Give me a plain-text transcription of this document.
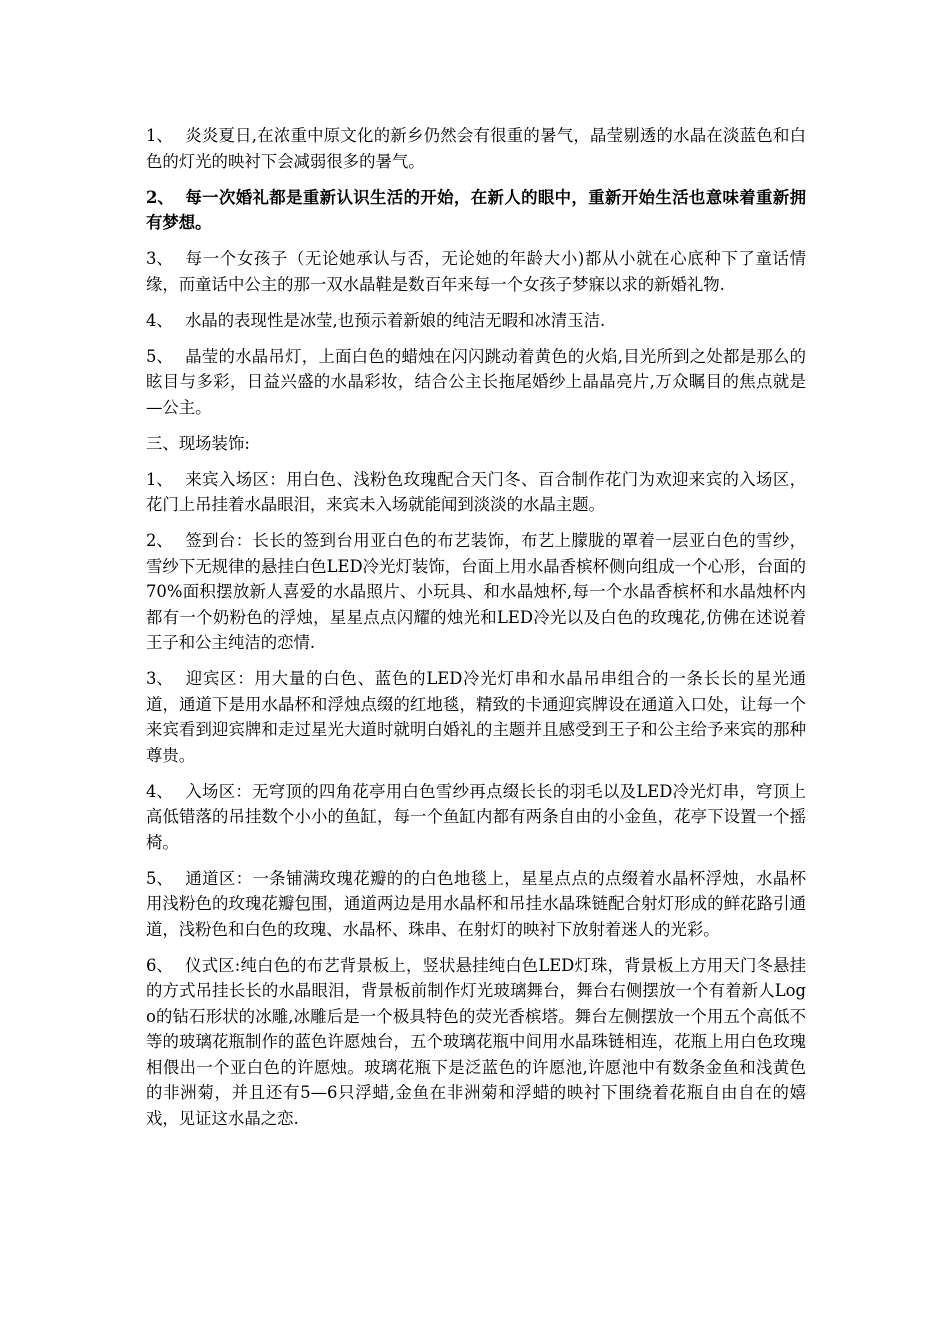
1、 炎炎夏日,在浓重中原文化的新乡仍然会有很重的暑气，晶莹剔透的水晶在淡蓝色和白色的灯光的映衬下会减弱很多的暑气。

2、 每一次婚礼都是重新认识生活的开始，在新人的眼中，重新开始生活也意味着重新拥有梦想。

3、 每一个女孩子（无论她承认与否，无论她的年龄大小)都从小就在心底种下了童话情缘，而童话中公主的那一双水晶鞋是数百年来每一个女孩子梦寐以求的新婚礼物.

4、 水晶的表现性是冰莹,也预示着新娘的纯洁无暇和冰清玉洁.

5、 晶莹的水晶吊灯，上面白色的蜡烛在闪闪跳动着黄色的火焰,目光所到之处都是那么的眩目与多彩，日益兴盛的水晶彩妆，结合公主长拖尾婚纱上晶晶亮片,万众瞩目的焦点就是—公主。

三、现场装饰:

1、 来宾入场区：用白色、浅粉色玫瑰配合天门冬、百合制作花门为欢迎来宾的入场区，花门上吊挂着水晶眼泪，来宾未入场就能闻到淡淡的水晶主题。

2、 签到台：长长的签到台用亚白色的布艺装饰，布艺上朦胧的罩着一层亚白色的雪纱，雪纱下无规律的悬挂白色LED冷光灯装饰，台面上用水晶香槟杯侧向组成一个心形，台面的70%面积摆放新人喜爱的水晶照片、小玩具、和水晶烛杯,每一个水晶香槟杯和水晶烛杯内都有一个奶粉色的浮烛，星星点点闪耀的烛光和LED冷光以及白色的玫瑰花,仿佛在述说着王子和公主纯洁的恋情.

3、 迎宾区：用大量的白色、蓝色的LED冷光灯串和水晶吊串组合的一条长长的星光通道，通道下是用水晶杯和浮烛点缀的红地毯，精致的卡通迎宾牌设在通道入口处，让每一个来宾看到迎宾牌和走过星光大道时就明白婚礼的主题并且感受到王子和公主给予来宾的那种尊贵。

4、 入场区：无穹顶的四角花亭用白色雪纱再点缀长长的羽毛以及LED冷光灯串，穹顶上高低错落的吊挂数个小小的鱼缸，每一个鱼缸内都有两条自由的小金鱼，花亭下设置一个摇椅。

5、 通道区：一条铺满玫瑰花瓣的的白色地毯上，星星点点的点缀着水晶杯浮烛，水晶杯用浅粉色的玫瑰花瓣包围，通道两边是用水晶杯和吊挂水晶珠链配合射灯形成的鲜花路引通道，浅粉色和白色的玫瑰、水晶杯、珠串、在射灯的映衬下放射着迷人的光彩。

6、 仪式区:纯白色的布艺背景板上，竖状悬挂纯白色LED灯珠，背景板上方用天门冬悬挂的方式吊挂长长的水晶眼泪，背景板前制作灯光玻璃舞台，舞台右侧摆放一个有着新人Logo的钻石形状的冰雕,冰雕后是一个极具特色的荧光香槟塔。舞台左侧摆放一个用五个高低不等的玻璃花瓶制作的蓝色许愿烛台，五个玻璃花瓶中间用水晶珠链相连，花瓶上用白色玫瑰相偎出一个亚白色的许愿烛。玻璃花瓶下是泛蓝色的许愿池,许愿池中有数条金鱼和浅黄色的非洲菊，并且还有5—6只浮蜡,金鱼在非洲菊和浮蜡的映衬下围绕着花瓶自由自在的嬉戏，见证这水晶之恋.
